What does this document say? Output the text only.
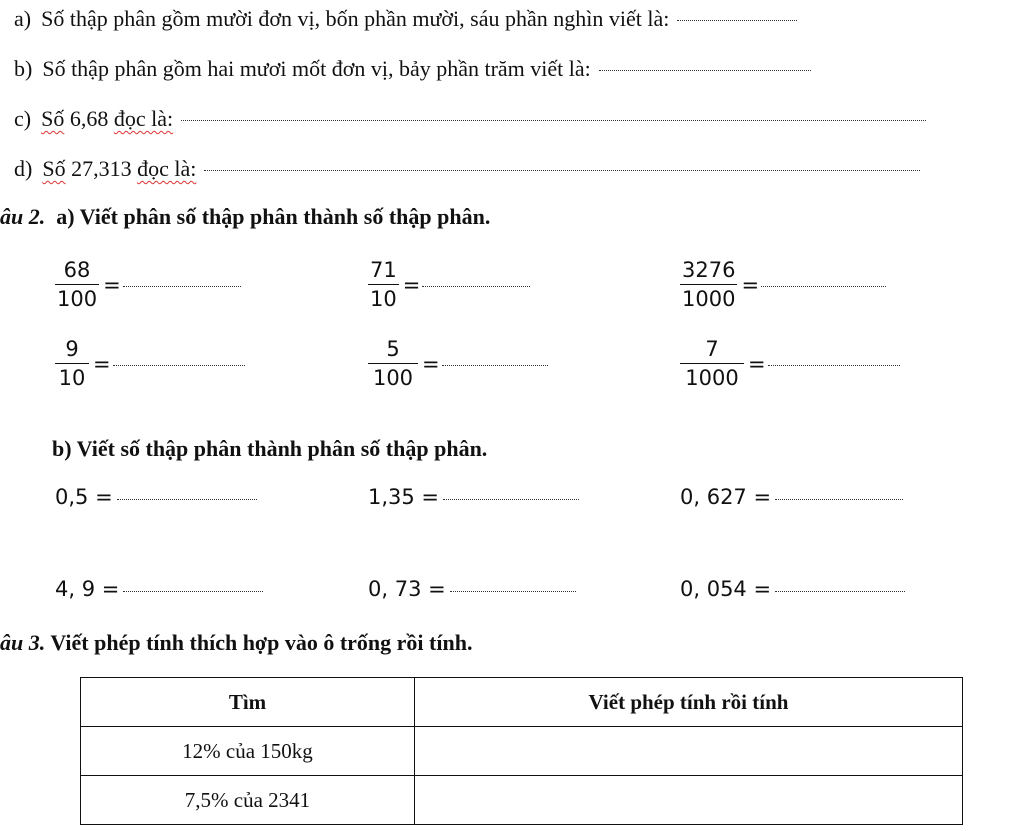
a) Số thập phân gồm mười đơn vị, bốn phần mười, sáu phần nghìn viết là:
b) Số thập phân gồm hai mươi mốt đơn vị, bảy phần trăm viết là:
c) Số
6,68
đọc là:
d) Số
27,313
đọc là:
âu 2. a) Viết phân số thập phân thành số thập phân.
$\frac{68}{100}$ =	$\frac{71}{10}$ =	$\frac{3276}{1000}$ =
$\frac{9}{10}$ =	$\frac{5}{100}$ =	$\frac{7}{1000}$ =
b) Viết số thập phân thành phân số thập phân.
0,5 =	1,35 =	0, 627 =
4, 9 =	0, 73 =	0, 054 =
âu 3. Viết phép tính thích hợp vào ô trống rồi tính.
Tìm	Viết phép tính rồi tính
12% của 150kg	
7,5% của 2341	
